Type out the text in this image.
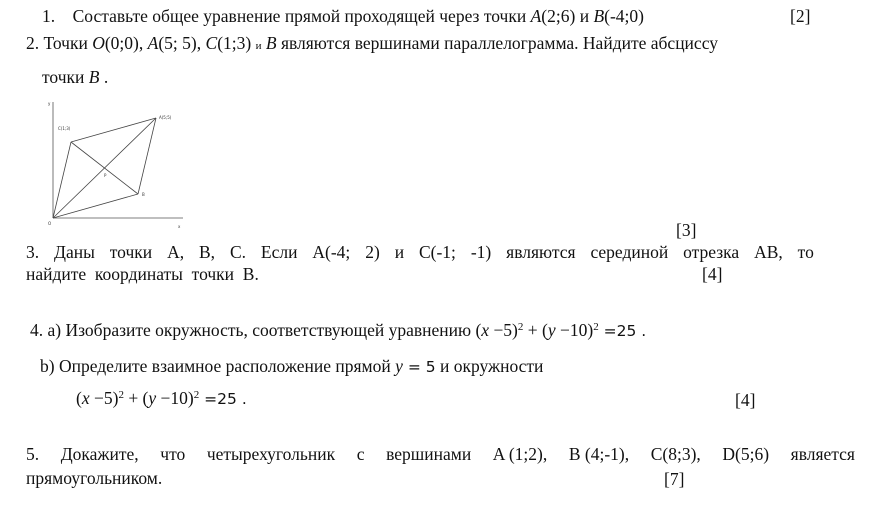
1. Составьте общее уравнение прямой проходящей через точки A(2;6) и B(-4;0)	[2]
2. Точки O(0;0), A(5; 5), C(1;3) и B являются вершинами параллелограмма. Найдите абсциссу
точки B .
y
x
O
C(1;3)
A(5;5)
B
P
[3]
3. Даны точки A, B, C. Если A(-4; 2) и C(-1; -1) являются серединой отрезка AB, то
найдите  координаты  точки  B.	[4]
4. а) Изобразите окружность, соответствующей уравнению $(x -5)^2 + (y -10)^2 =25$ .
b) Определите взаимное расположение прямой y = 5 и окружности
$(x -5)^2 + (y -10)^2 =25$ .	[4]
5. Докажите, что четырехугольник с вершинами A (1;2), B (4;-1), C(8;3), D(5;6) является
прямоугольником.	[7]
